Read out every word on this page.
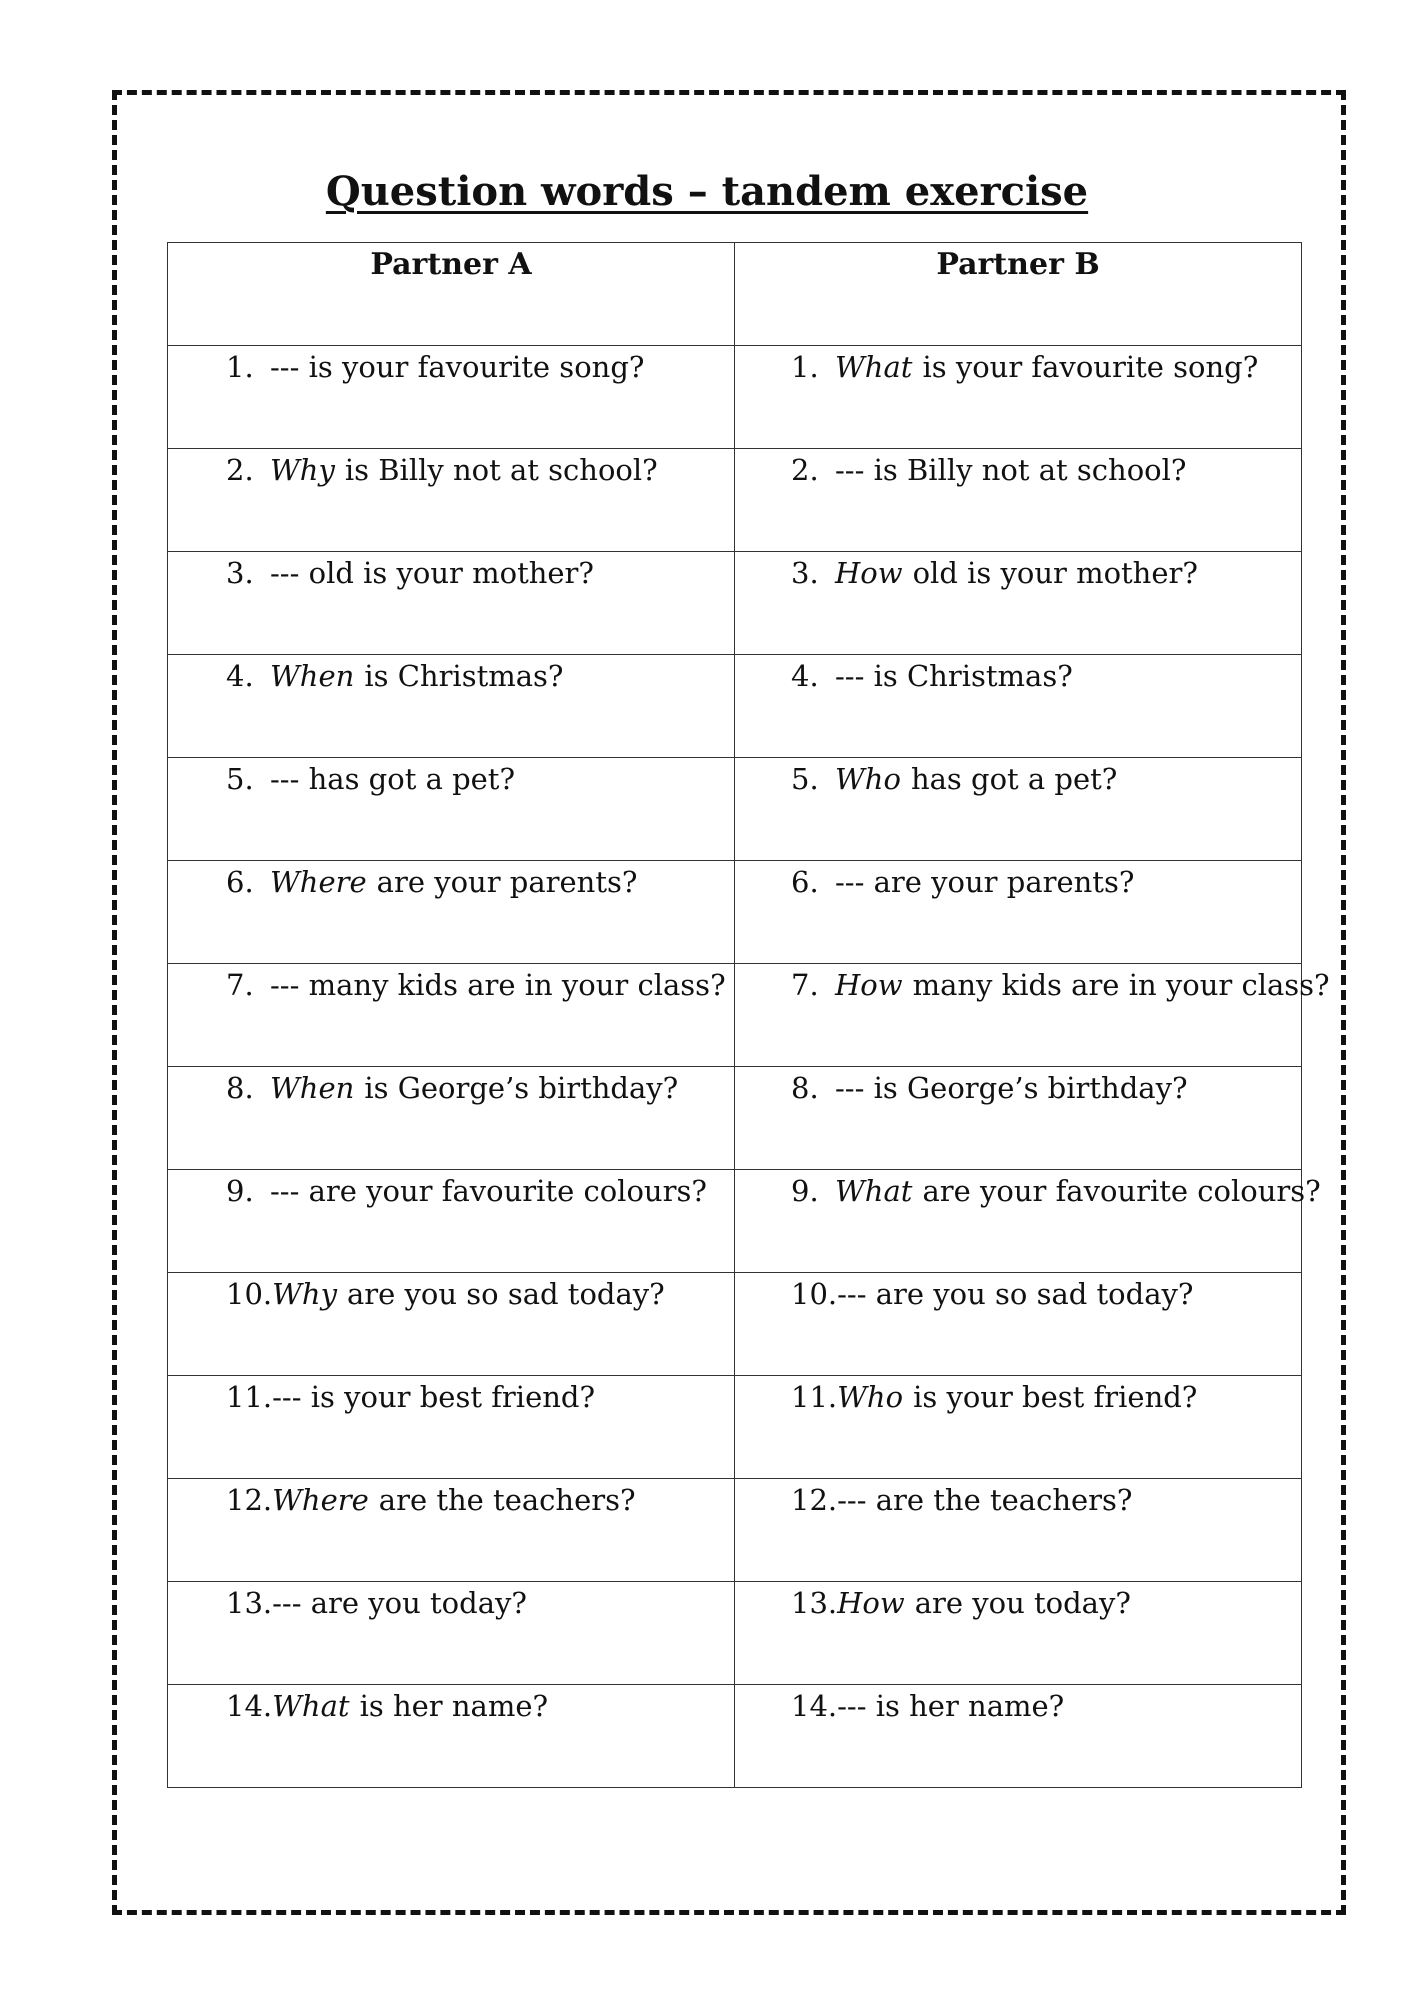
Question words – tandem exercise
Partner A	Partner B

1. --- is your favourite song?	1. What is your favourite song?

2. Why is Billy not at school?	2. --- is Billy not at school?

3. --- old is your mother?	3. How old is your mother?

4. When is Christmas?	4. --- is Christmas?

5. --- has got a pet?	5. Who has got a pet?

6. Where are your parents?	6. --- are your parents?

7. --- many kids are in your class?	7. How many kids are in your class?

8. When is George’s birthday?	8. --- is George’s birthday?

9. --- are your favourite colours?	9. What are your favourite colours?

10. Why are you so sad today?	10. --- are you so sad today?

11. --- is your best friend?	11. Who is your best friend?

12. Where are the teachers?	12. --- are the teachers?

13. --- are you today?	13. How are you today?

14. What is her name?	14. --- is her name?
